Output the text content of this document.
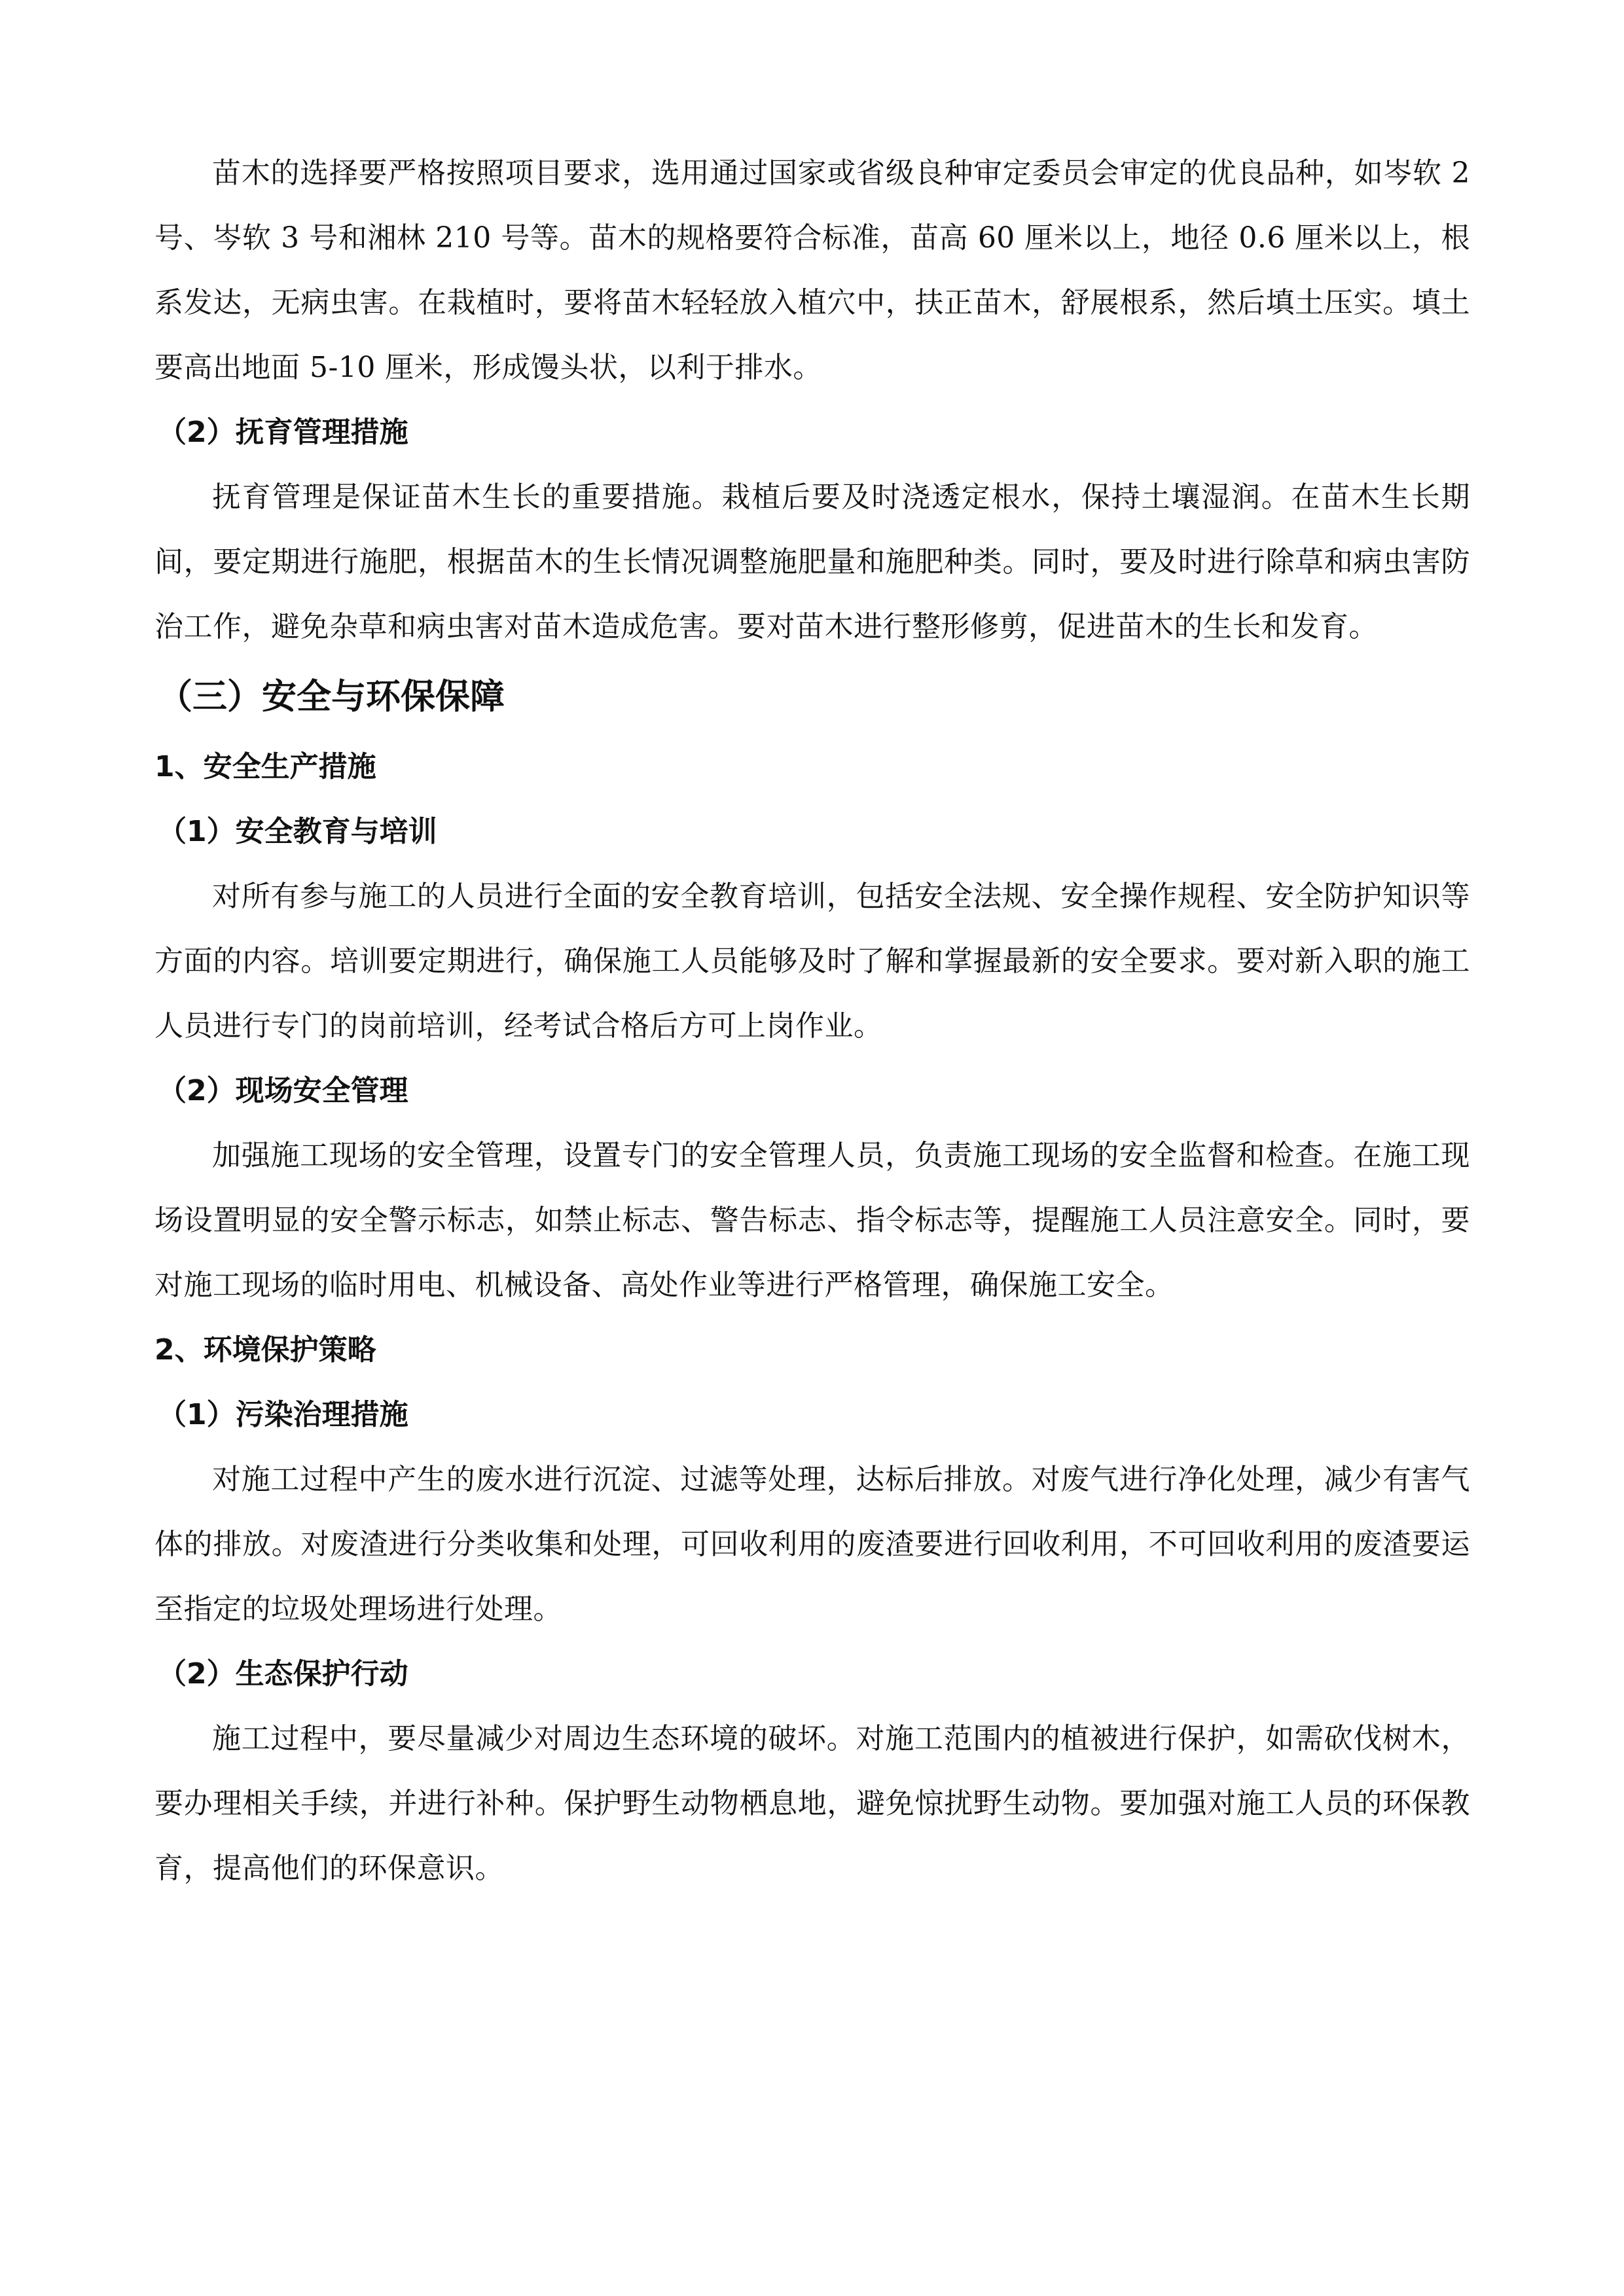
苗木的选择要严格按照项目要求，选用通过国家或省级良种审定委员会审定的优良品种，如岑软 2 号、岑软 3 号和湘林 210 号等。苗木的规格要符合标准，苗高 60 厘米以上，地径 0.6 厘米以上，根系发达，无病虫害。在栽植时，要将苗木轻轻放入植穴中，扶正苗木，舒展根系，然后填土压实。填土要高出地面 5-10 厘米，形成馒头状，以利于排水。

（2）抚育管理措施

抚育管理是保证苗木生长的重要措施。栽植后要及时浇透定根水，保持土壤湿润。在苗木生长期间，要定期进行施肥，根据苗木的生长情况调整施肥量和施肥种类。同时，要及时进行除草和病虫害防治工作，避免杂草和病虫害对苗木造成危害。要对苗木进行整形修剪，促进苗木的生长和发育。

（三）安全与环保保障
1、安全生产措施
（1）安全教育与培训

对所有参与施工的人员进行全面的安全教育培训，包括安全法规、安全操作规程、安全防护知识等方面的内容。培训要定期进行，确保施工人员能够及时了解和掌握最新的安全要求。要对新入职的施工人员进行专门的岗前培训，经考试合格后方可上岗作业。

（2）现场安全管理

加强施工现场的安全管理，设置专门的安全管理人员，负责施工现场的安全监督和检查。在施工现场设置明显的安全警示标志，如禁止标志、警告标志、指令标志等，提醒施工人员注意安全。同时，要对施工现场的临时用电、机械设备、高处作业等进行严格管理，确保施工安全。

2、环境保护策略
（1）污染治理措施

对施工过程中产生的废水进行沉淀、过滤等处理，达标后排放。对废气进行净化处理，减少有害气体的排放。对废渣进行分类收集和处理，可回收利用的废渣要进行回收利用，不可回收利用的废渣要运至指定的垃圾处理场进行处理。

（2）生态保护行动

施工过程中，要尽量减少对周边生态环境的破坏。对施工范围内的植被进行保护，如需砍伐树木，要办理相关手续，并进行补种。保护野生动物栖息地，避免惊扰野生动物。要加强对施工人员的环保教育，提高他们的环保意识。
